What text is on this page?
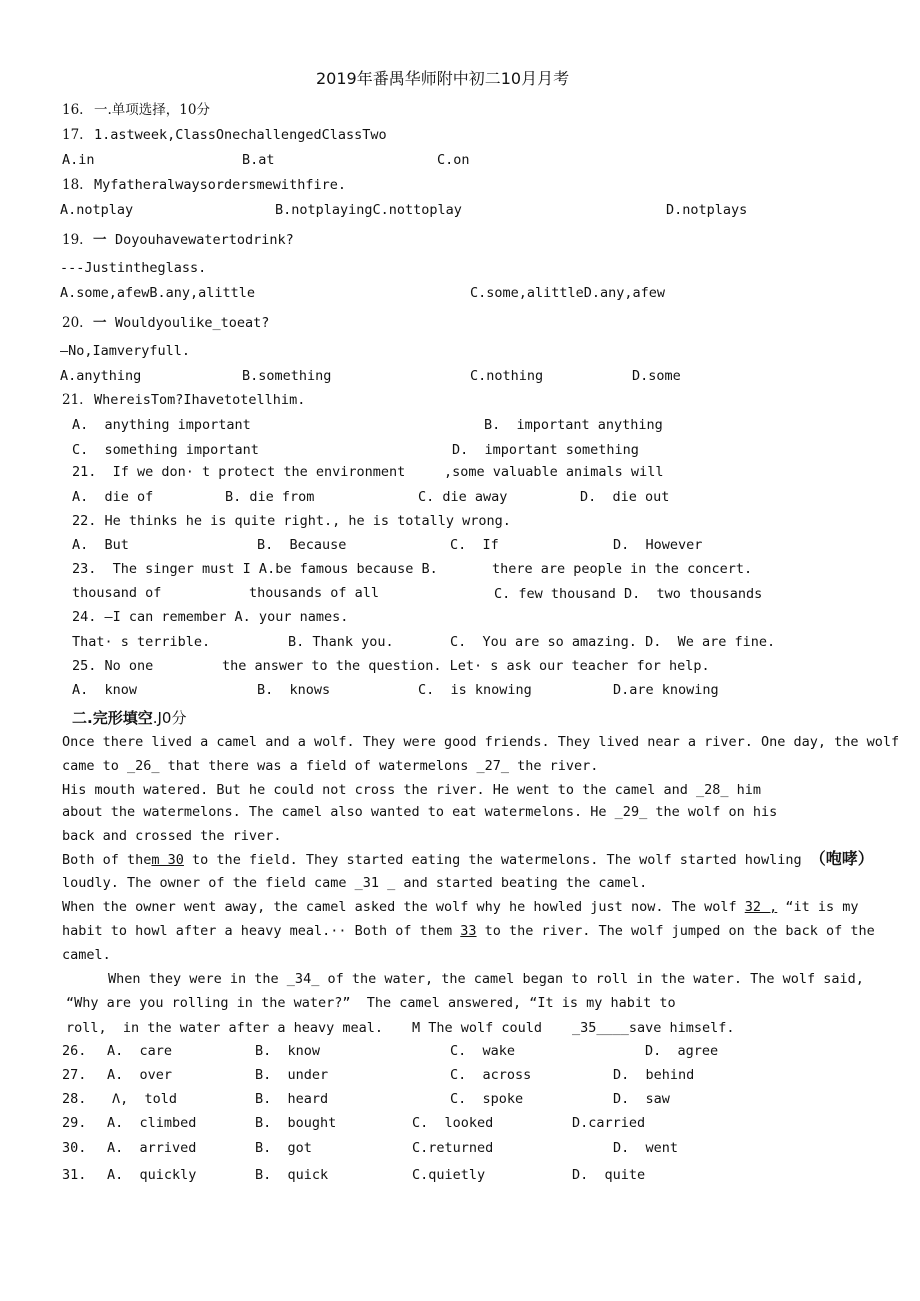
2019年番禺华师附中初二10月月考
16. 一.单项选择，10分
17. 1.astweek,ClassOnechallengedClassTwo
A.in	B.at	C.on
18. Myfatheralwaysordersmewithfire.
A.notplay	B.notplayingC.nottoplay	D.notplays
19. 一 Doyouhavewatertodrink?
---Justintheglass.
A.some,afewB.any,alittle	C.some,alittleD.any,afew
20. 一 Wouldyoulike_toeat?
—No,Iamveryfull.
A.anything	B.something	C.nothing	D.some
21. WhereisTom?Ihavetotellhim.
A.  anything important	B.  important anything
C.  something important	D.  important something
21.  If we don· t protect the environment	,some valuable animals will
A.  die of	B. die from	C. die away	D.  die out
22. He thinks he is quite right., he is totally wrong.
A.  But	B.  Because	C.  If	D.  However
23.  The singer must I A.be famous because B.	there are people in the concert.
thousand of	thousands of all	C. few thousand D.  two thousands
24. —I can remember A. your names.
That· s terrible.	B. Thank you.	C.  You are so amazing. D.  We are fine.
25. No one	the answer to the question. Let· s ask our teacher for help.
A.  know	B.  knows	C.  is knowing	D.are knowing
二.完形填空.J0分
Once there lived a camel and a wolf. They were good friends. They lived near a river. One day, the wolf
came to _26_ that there was a field of watermelons _27_ the river.
His mouth watered. But he could not cross the river. He went to the camel and _28_ him
about the watermelons. The camel also wanted to eat watermelons. He _29_ the wolf on his
back and crossed the river.
Both of them 30 to the field. They started eating the watermelons. The wolf started howling （咆哮）
loudly. The owner of the field came _31 _ and started beating the camel.
When the owner went away, the camel asked the wolf why he howled just now. The wolf 32 , “it is my
habit to howl after a heavy meal.·· Both of them 33 to the river. The wolf jumped on the back of the
camel.
When they were in the _34_ of the water, the camel began to roll in the water. The wolf said,
“Why are you rolling in the water?”  The camel answered, “It is my habit to
roll,  in the water after a heavy meal. M The wolf could _35____save himself.
26. A.  care	B.  know	C.  wake	D.  agree
27. A.  over	B.  under	C.  across	D.  behind
28. Λ,  told	B.  heard	C.  spoke	D.  saw
29. A.  climbed	B.  bought	C.  looked	D.carried
30. A.  arrived	B.  got	C.returned	D.  went
31. A.  quickly	B.  quick	C.quietly	D.  quite
